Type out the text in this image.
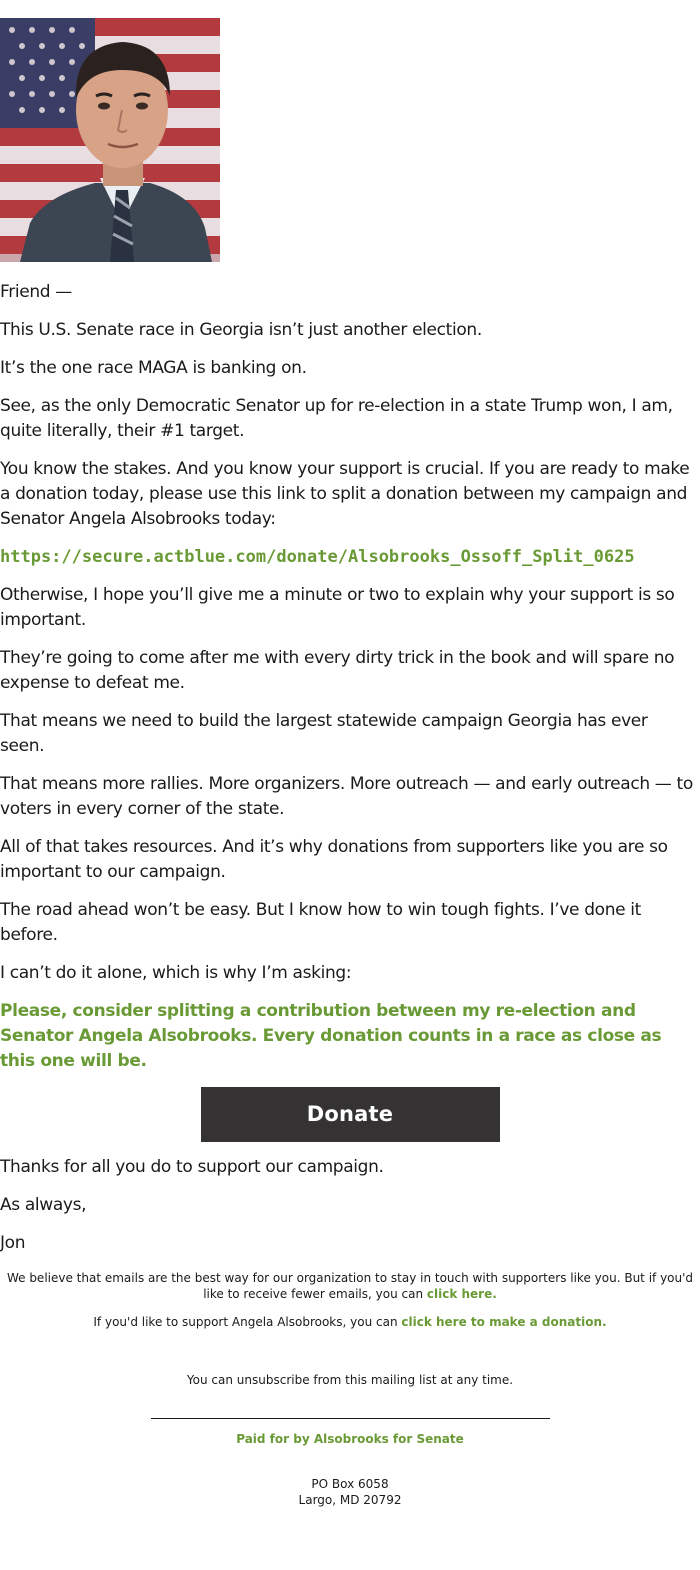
Friend —

This U.S. Senate race in Georgia isn’t just another election.

It’s the one race MAGA is banking on.

See, as the only Democratic Senator up for re-election in a state Trump won, I am, quite literally, their #1 target.

You know the stakes. And you know your support is crucial. If you are ready to make a donation today, please use this link to split a donation between my campaign and Senator Angela Alsobrooks today:

https://secure.actblue.com/donate/Alsobrooks_Ossoff_Split_0625

Otherwise, I hope you’ll give me a minute or two to explain why your support is so important.

They’re going to come after me with every dirty trick in the book and will spare no expense to defeat me.

That means we need to build the largest statewide campaign Georgia has ever seen.

That means more rallies. More organizers. More outreach — and early outreach — to voters in every corner of the state.

All of that takes resources. And it’s why donations from supporters like you are so important to our campaign.

The road ahead won’t be easy. But I know how to win tough fights. I’ve done it before.

I can’t do it alone, which is why I’m asking:

Please, consider splitting a contribution between my re-election and Senator Angela Alsobrooks. Every donation counts in a race as close as this one will be.

Donate

Thanks for all you do to support our campaign.

As always,

Jon

We believe that emails are the best way for our organization to stay in touch with supporters like you. But if you'd like to receive fewer emails, you can click here.

If you'd like to support Angela Alsobrooks, you can click here to make a donation.

You can unsubscribe from this mailing list at any time.

Paid for by Alsobrooks for Senate

PO Box 6058

Largo, MD 20792
